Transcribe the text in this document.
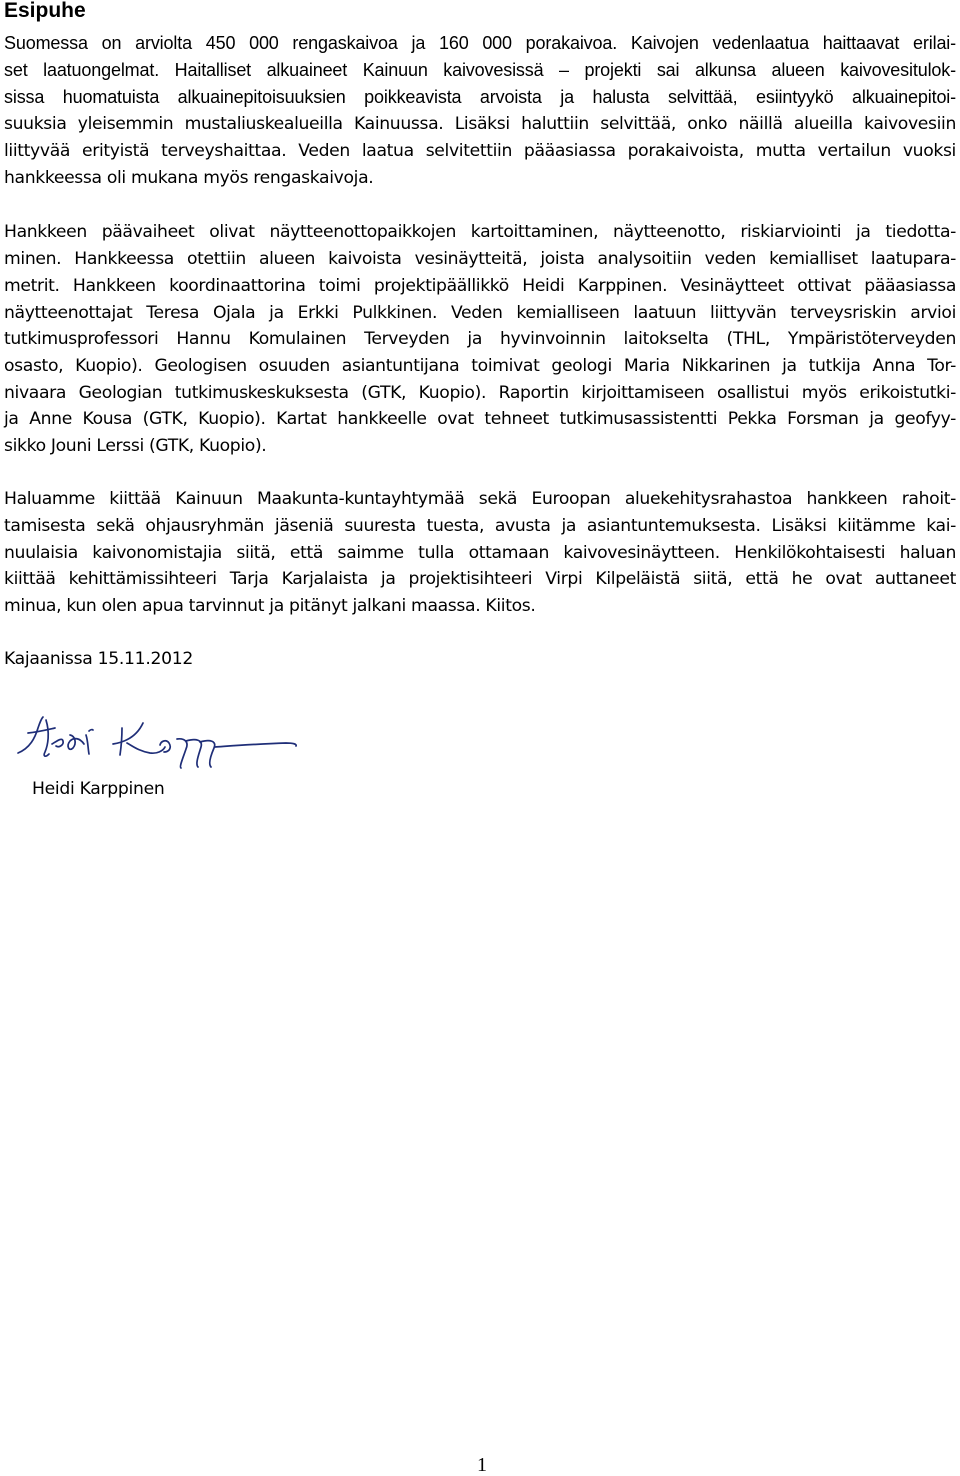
Esipuhe
Suomessa on arviolta 450 000 rengaskaivoa ja 160 000 porakaivoa. Kaivojen vedenlaatua haittaavat erilai-
set laatuongelmat. Haitalliset alkuaineet Kainuun kaivovesissä – projekti sai alkunsa alueen kaivovesitulok-
sissa huomatuista alkuainepitoisuuksien poikkeavista arvoista ja halusta selvittää, esiintyykö alkuainepitoi-
suuksia yleisemmin mustaliuskealueilla Kainuussa. Lisäksi haluttiin selvittää, onko näillä alueilla kaivovesiin
liittyvää erityistä terveyshaittaa. Veden laatua selvitettiin pääasiassa porakaivoista, mutta vertailun vuoksi
hankkeessa oli mukana myös rengaskaivoja.
Hankkeen päävaiheet olivat näytteenottopaikkojen kartoittaminen, näytteenotto, riskiarviointi ja tiedotta-
minen. Hankkeessa otettiin alueen kaivoista vesinäytteitä, joista analysoitiin veden kemialliset laatupara-
metrit. Hankkeen koordinaattorina toimi projektipäällikkö Heidi Karppinen. Vesinäytteet ottivat pääasiassa
näytteenottajat Teresa Ojala ja Erkki Pulkkinen. Veden kemialliseen laatuun liittyvän terveysriskin arvioi
tutkimusprofessori Hannu Komulainen Terveyden ja hyvinvoinnin laitokselta (THL, Ympäristöterveyden
osasto, Kuopio). Geologisen osuuden asiantuntijana toimivat geologi Maria Nikkarinen ja tutkija Anna Tor-
nivaara Geologian tutkimuskeskuksesta (GTK, Kuopio). Raportin kirjoittamiseen osallistui myös erikoistutki-
ja Anne Kousa (GTK, Kuopio). Kartat hankkeelle ovat tehneet tutkimusassistentti Pekka Forsman ja geofyy-
sikko Jouni Lerssi (GTK, Kuopio).
Haluamme kiittää Kainuun Maakunta-kuntayhtymää sekä Euroopan aluekehitysrahastoa hankkeen rahoit-
tamisesta sekä ohjausryhmän jäseniä suuresta tuesta, avusta ja asiantuntemuksesta. Lisäksi kiitämme kai-
nuulaisia kaivonomistajia siitä, että saimme tulla ottamaan kaivovesinäytteen. Henkilökohtaisesti haluan
kiittää kehittämissihteeri Tarja Karjalaista ja projektisihteeri Virpi Kilpeläistä siitä, että he ovat auttaneet
minua, kun olen apua tarvinnut ja pitänyt jalkani maassa. Kiitos.
Kajaanissa 15.11.2012
Heidi Karppinen
1
